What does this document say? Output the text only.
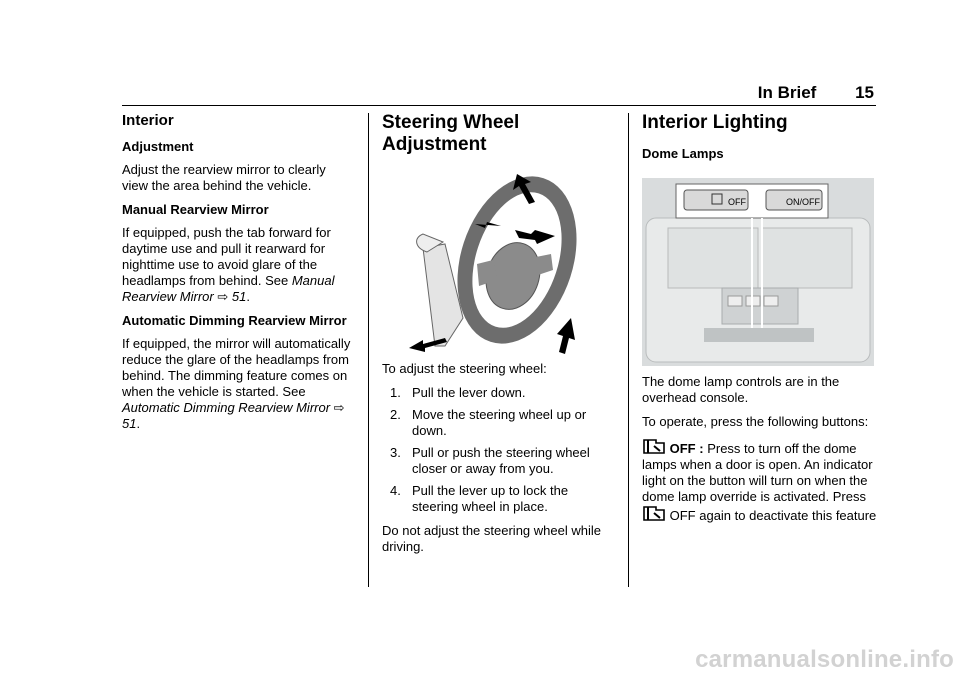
In Brief 15
Interior
Adjustment

Adjust the rearview mirror to clearly view the area behind the vehicle.

Manual Rearview Mirror

If equipped, push the tab forward for daytime use and pull it rearward for nighttime use to avoid glare of the headlamps from behind. See Manual Rearview Mirror ⇨ 51.

Automatic Dimming Rearview Mirror

If equipped, the mirror will automatically reduce the glare of the headlamps from behind. The dimming feature comes on when the vehicle is started. See Automatic Dimming Rearview Mirror ⇨ 51.

Steering Wheel Adjustment

To adjust the steering wheel:

1. Pull the lever down.
2. Move the steering wheel up or down.
3. Pull or push the steering wheel closer or away from you.
4. Pull the lever up to lock the steering wheel in place.

Do not adjust the steering wheel while driving.

Interior Lighting
Dome Lamps
OFF	ON/OFF

The dome lamp controls are in the overhead console.

To operate, press the following buttons:

OFF : Press to turn off the dome lamps when a door is open. An indicator light on the button will turn on when the dome lamp override is activated. Press  OFF again to deactivate this feature

carmanualsonline.info
